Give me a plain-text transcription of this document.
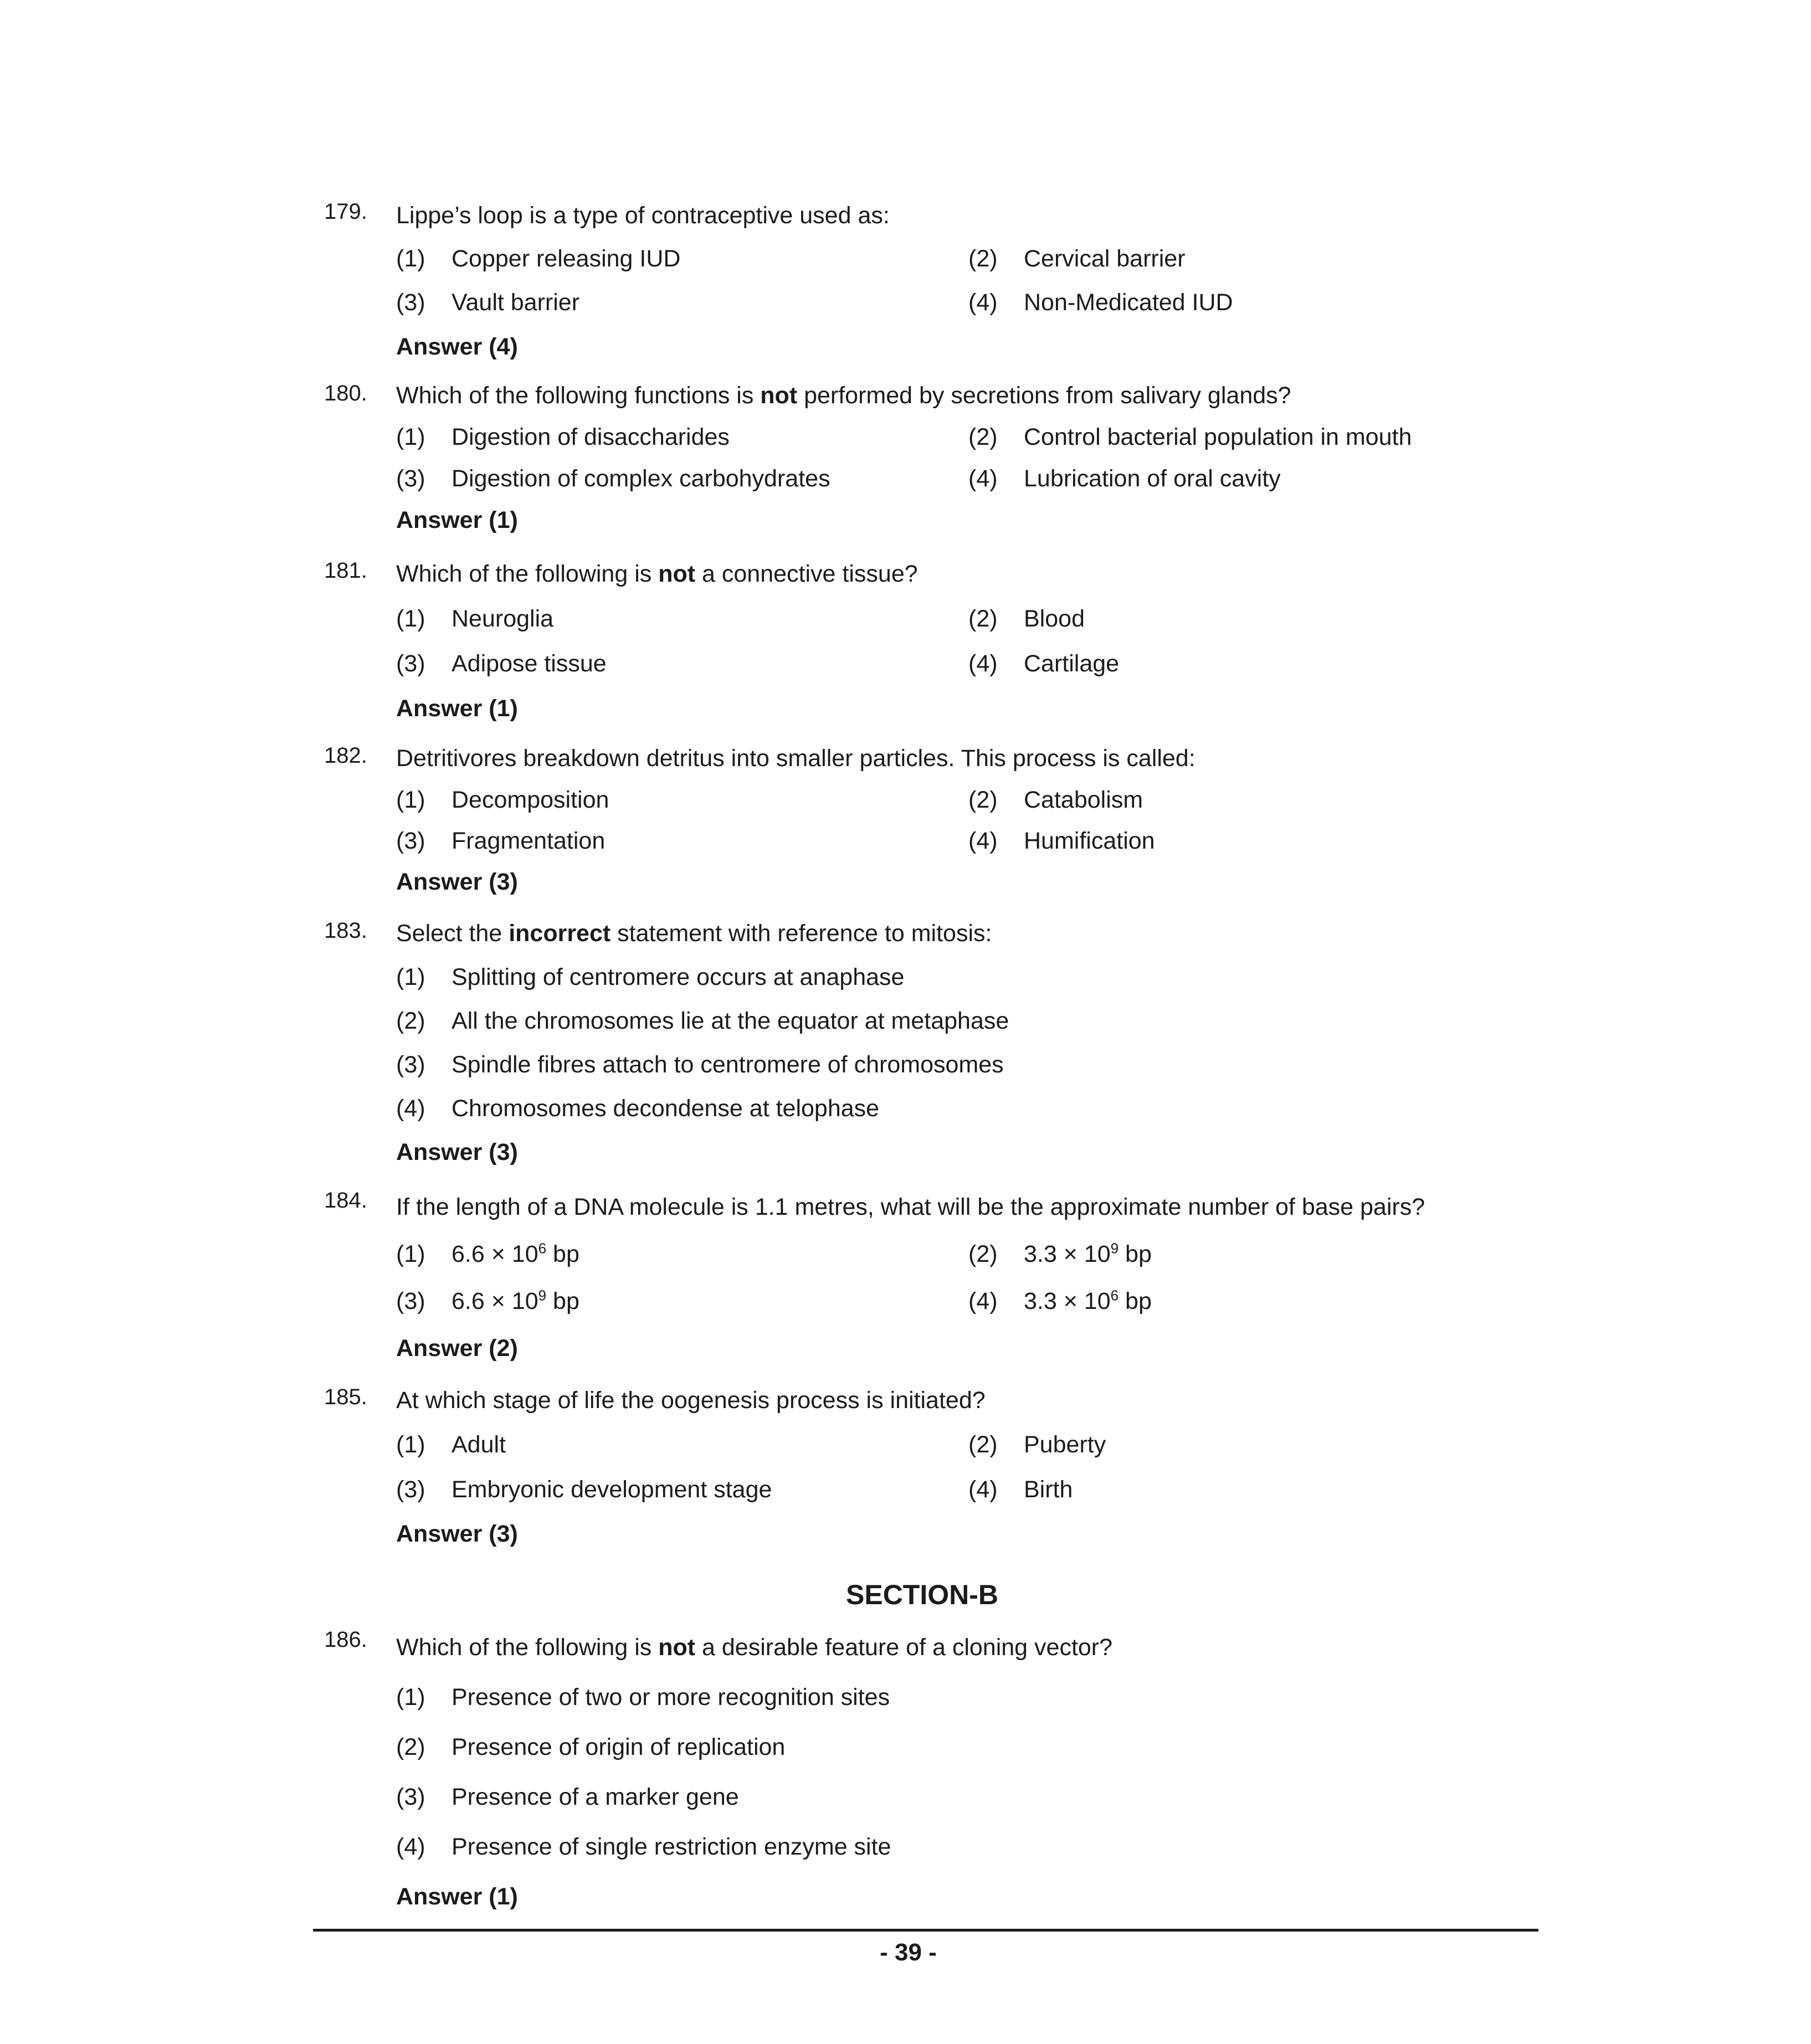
179. Lippe’s loop is a type of contraceptive used as:
(1) Copper releasing IUD	(2) Cervical barrier
(3) Vault barrier	(4) Non-Medicated IUD
Answer (4)
180. Which of the following functions is not performed by secretions from salivary glands?
(1) Digestion of disaccharides	(2) Control bacterial population in mouth
(3) Digestion of complex carbohydrates	(4) Lubrication of oral cavity
Answer (1)
181. Which of the following is not a connective tissue?
(1) Neuroglia	(2) Blood
(3) Adipose tissue	(4) Cartilage
Answer (1)
182. Detritivores breakdown detritus into smaller particles. This process is called:
(1) Decomposition	(2) Catabolism
(3) Fragmentation	(4) Humification
Answer (3)
183. Select the incorrect statement with reference to mitosis:
(1) Splitting of centromere occurs at anaphase
(2) All the chromosomes lie at the equator at metaphase
(3) Spindle fibres attach to centromere of chromosomes
(4) Chromosomes decondense at telophase
Answer (3)
184. If the length of a DNA molecule is 1.1 metres, what will be the approximate number of base pairs?
(1) $6.6 \times 10^6$ bp	(2) $3.3 \times 10^9$ bp
(3) $6.6 \times 10^9$ bp	(4) $3.3 \times 10^6$ bp
Answer (2)
185. At which stage of life the oogenesis process is initiated?
(1) Adult	(2) Puberty
(3) Embryonic development stage	(4) Birth
Answer (3)
SECTION-B
186. Which of the following is not a desirable feature of a cloning vector?
(1) Presence of two or more recognition sites
(2) Presence of origin of replication
(3) Presence of a marker gene
(4) Presence of single restriction enzyme site
Answer (1)
- 39 -
